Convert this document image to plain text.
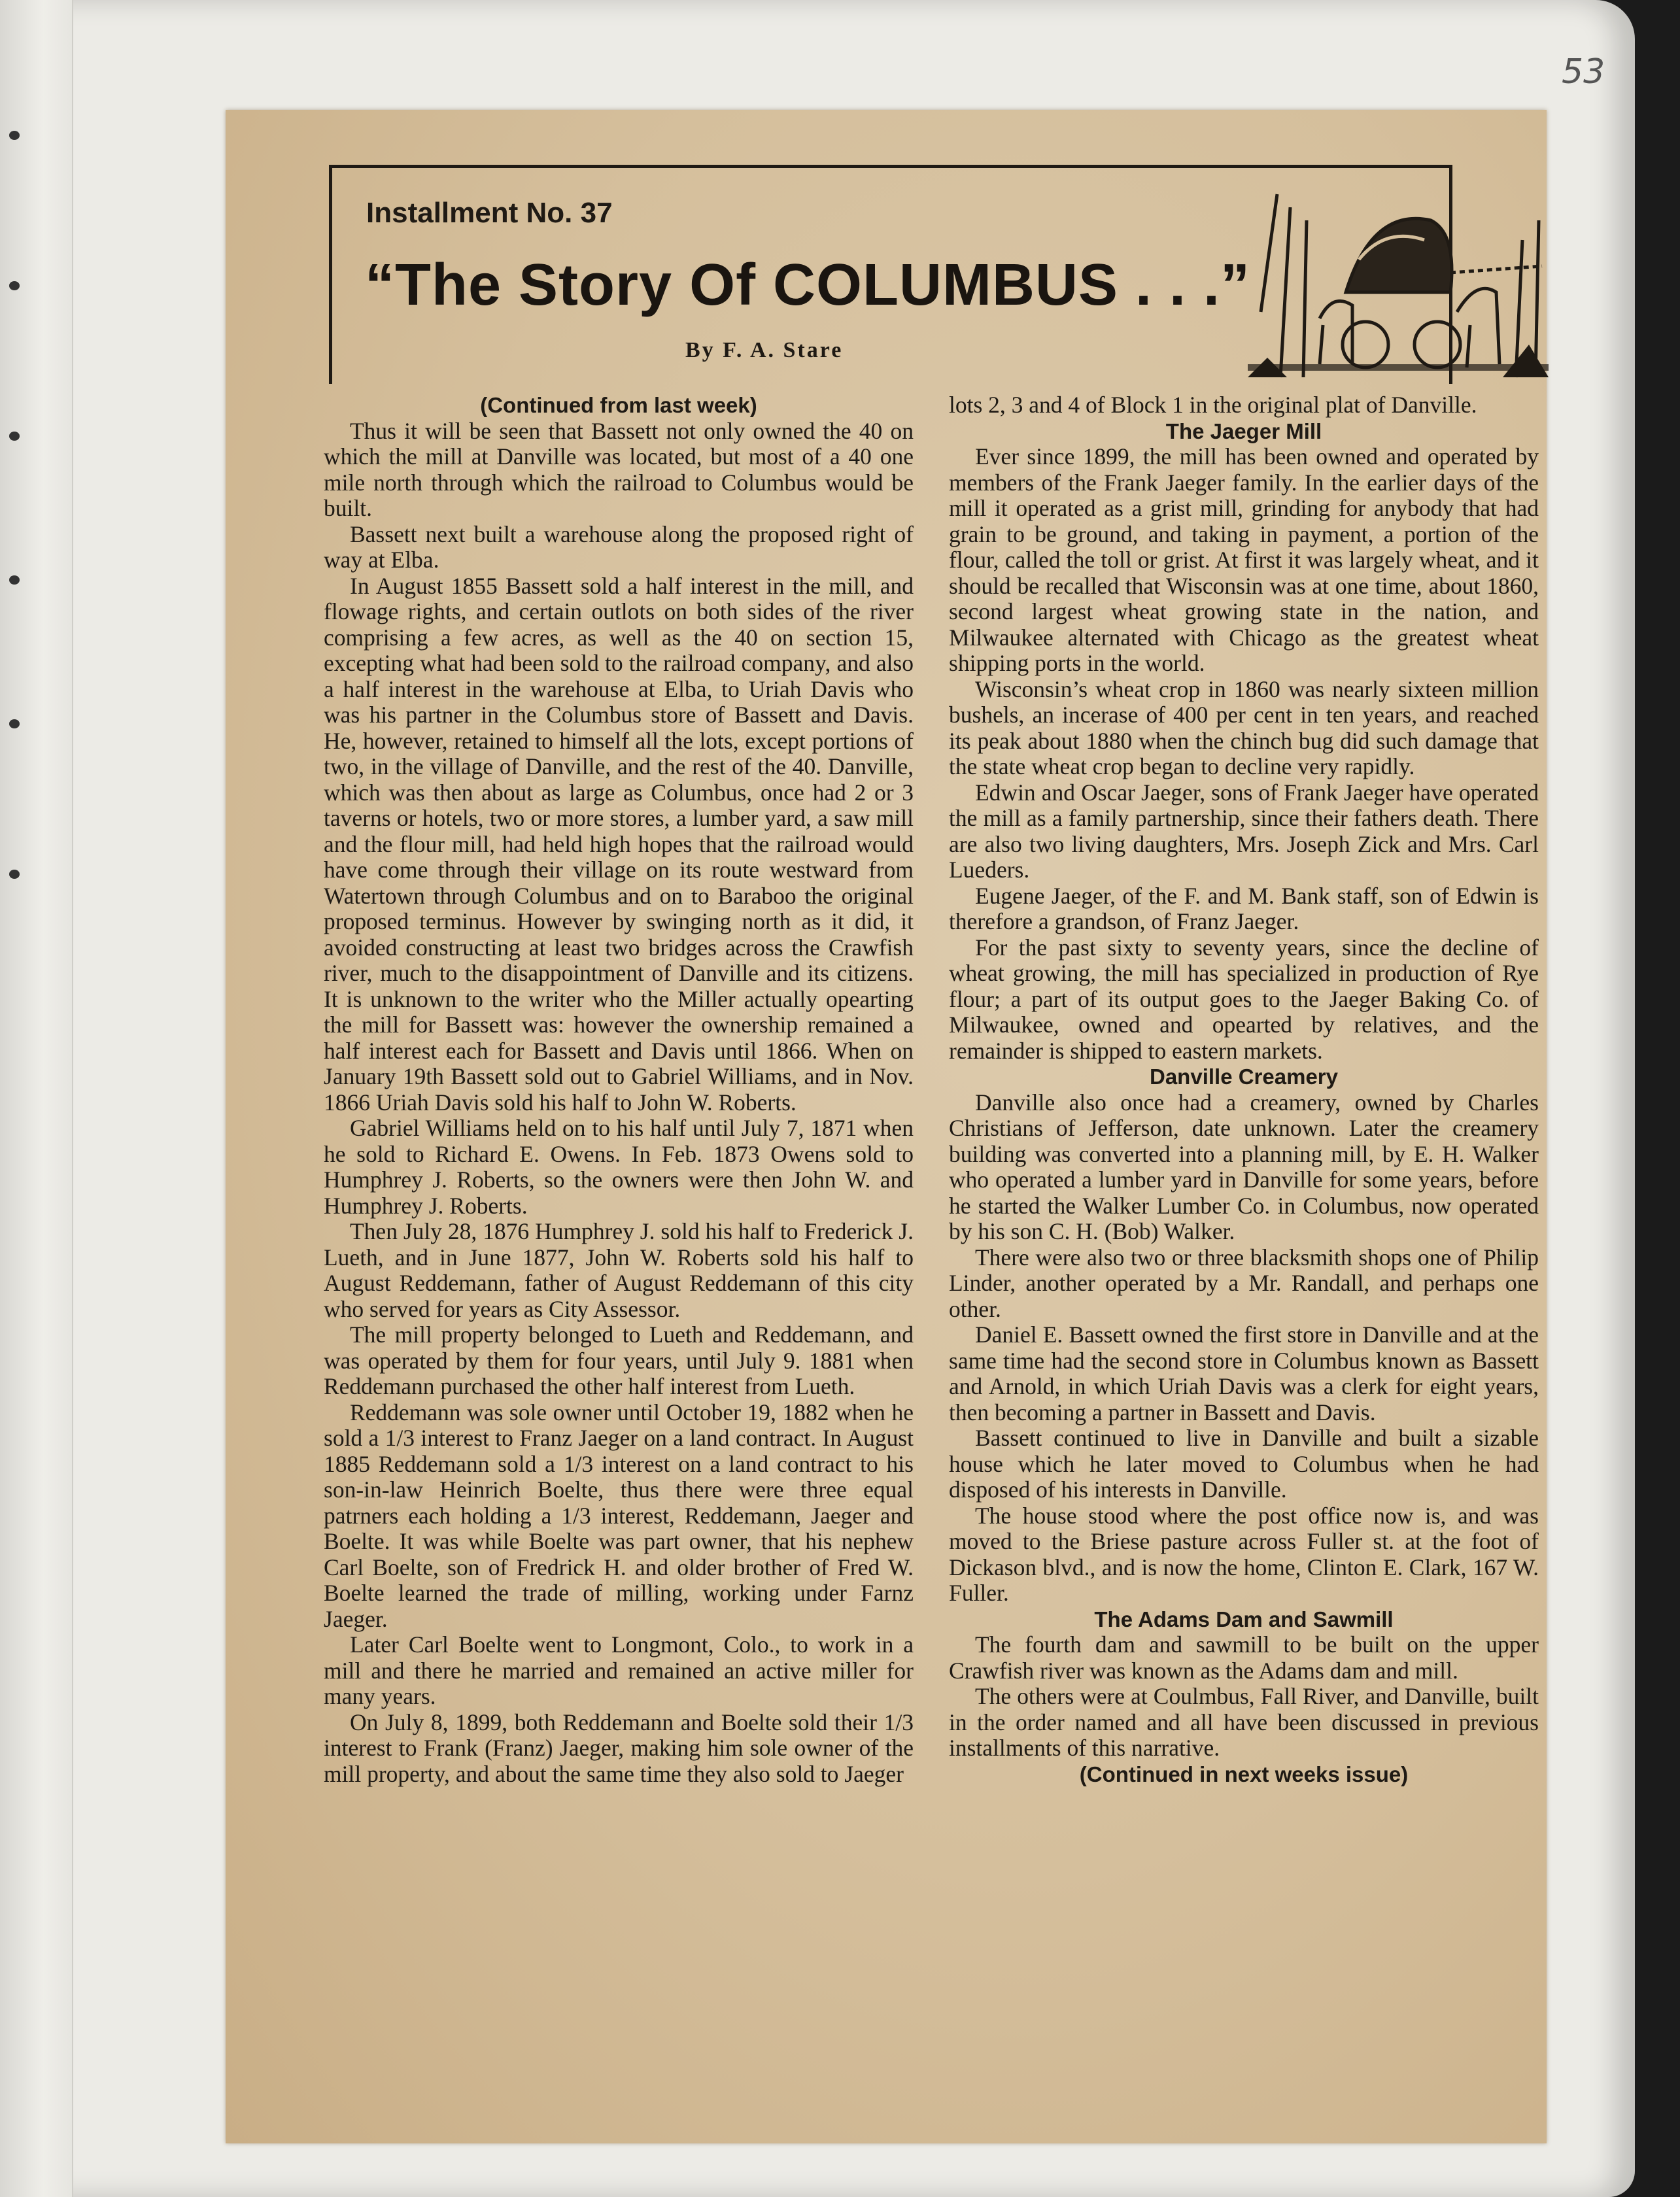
53
Installment No. 37
“The Story Of COLUMBUS . . .”
By F. A. Stare

(Continued from last week)

Thus it will be seen that Bassett not only owned the 40 on which the mill at Danville was located, but most of a 40 one mile north through which the railroad to Columbus would be built.

Bassett next built a warehouse along the proposed right of way at Elba.

In August 1855 Bassett sold a half interest in the mill, and flowage rights, and certain outlots on both sides of the river comprising a few acres, as well as the 40 on section 15, excepting what had been sold to the railroad company, and also a half interest in the warehouse at Elba, to Uriah Davis who was his partner in the Columbus store of Bassett and Davis. He, however, retained to himself all the lots, except portions of two, in the village of Danville, and the rest of the 40. Danville, which was then about as large as Columbus, once had 2 or 3 taverns or hotels, two or more stores, a lumber yard, a saw mill and the flour mill, had held high hopes that the railroad would have come through their village on its route westward from Watertown through Columbus and on to Baraboo the original proposed terminus. However by swinging north as it did, it avoided constructing at least two bridges across the Crawfish river, much to the disappointment of Danville and its citizens. It is unknown to the writer who the Miller actually opearting the mill for Bassett was: however the ownership remained a half interest each for Bassett and Davis until 1866. When on January 19th Bassett sold out to Gabriel Williams, and in Nov. 1866 Uriah Davis sold his half to John W. Roberts.

Gabriel Williams held on to his half until July 7, 1871 when he sold to Richard E. Owens. In Feb. 1873 Owens sold to Humphrey J. Roberts, so the owners were then John W. and Humphrey J. Roberts.

Then July 28, 1876 Humphrey J. sold his half to Frederick J. Lueth, and in June 1877, John W. Roberts sold his half to August Reddemann, father of August Reddemann of this city who served for years as City Assessor.

The mill property belonged to Lueth and Reddemann, and was operated by them for four years, until July 9. 1881 when Reddemann purchased the other half interest from Lueth.

Reddemann was sole owner until October 19, 1882 when he sold a 1/3 interest to Franz Jaeger on a land contract. In August 1885 Reddemann sold a 1/3 interest on a land contract to his son-in-law Heinrich Boelte, thus there were three equal patrners each holding a 1/3 interest, Reddemann, Jaeger and Boelte. It was while Boelte was part owner, that his nephew Carl Boelte, son of Fredrick H. and older brother of Fred W. Boelte learned the trade of milling, working under Farnz Jaeger.

Later Carl Boelte went to Longmont, Colo., to work in a mill and there he married and remained an active miller for many years.

On July 8, 1899, both Reddemann and Boelte sold their 1/3 interest to Frank (Franz) Jaeger, making him sole owner of the mill property, and about the same time they also sold to Jaeger

lots 2, 3 and 4 of Block 1 in the original plat of Danville.

The Jaeger Mill

Ever since 1899, the mill has been owned and operated by members of the Frank Jaeger family. In the earlier days of the mill it operated as a grist mill, grinding for anybody that had grain to be ground, and taking in payment, a portion of the flour, called the toll or grist. At first it was largely wheat, and it should be recalled that Wisconsin was at one time, about 1860, second largest wheat growing state in the nation, and Milwaukee alternated with Chicago as the greatest wheat shipping ports in the world.

Wisconsin’s wheat crop in 1860 was nearly sixteen million bushels, an incerase of 400 per cent in ten years, and reached its peak about 1880 when the chinch bug did such damage that the state wheat crop began to decline very rapidly.

Edwin and Oscar Jaeger, sons of Frank Jaeger have operated the mill as a family partnership, since their fathers death. There are also two living daughters, Mrs. Joseph Zick and Mrs. Carl Lueders.

Eugene Jaeger, of the F. and M. Bank staff, son of Edwin is therefore a grandson, of Franz Jaeger.

For the past sixty to seventy years, since the decline of wheat growing, the mill has specialized in production of Rye flour; a part of its output goes to the Jaeger Baking Co. of Milwaukee, owned and opearted by relatives, and the remainder is shipped to eastern markets.

Danville Creamery

Danville also once had a creamery, owned by Charles Christians of Jefferson, date unknown. Later the creamery building was converted into a planning mill, by E. H. Walker who operated a lumber yard in Danville for some years, before he started the Walker Lumber Co. in Columbus, now operated by his son C. H. (Bob) Walker.

There were also two or three blacksmith shops one of Philip Linder, another operated by a Mr. Randall, and perhaps one other.

Daniel E. Bassett owned the first store in Danville and at the same time had the second store in Columbus known as Bassett and Arnold, in which Uriah Davis was a clerk for eight years, then becoming a partner in Bassett and Davis.

Bassett continued to live in Danville and built a sizable house which he later moved to Columbus when he had disposed of his interests in Danville.

The house stood where the post office now is, and was moved to the Briese pasture across Fuller st. at the foot of Dickason blvd., and is now the home, Clinton E. Clark, 167 W. Fuller.

The Adams Dam and Sawmill

The fourth dam and sawmill to be built on the upper Crawfish river was known as the Adams dam and mill.

The others were at Coulmbus, Fall River, and Danville, built in the order named and all have been discussed in previous installments of this narrative.

(Continued in next weeks issue)
